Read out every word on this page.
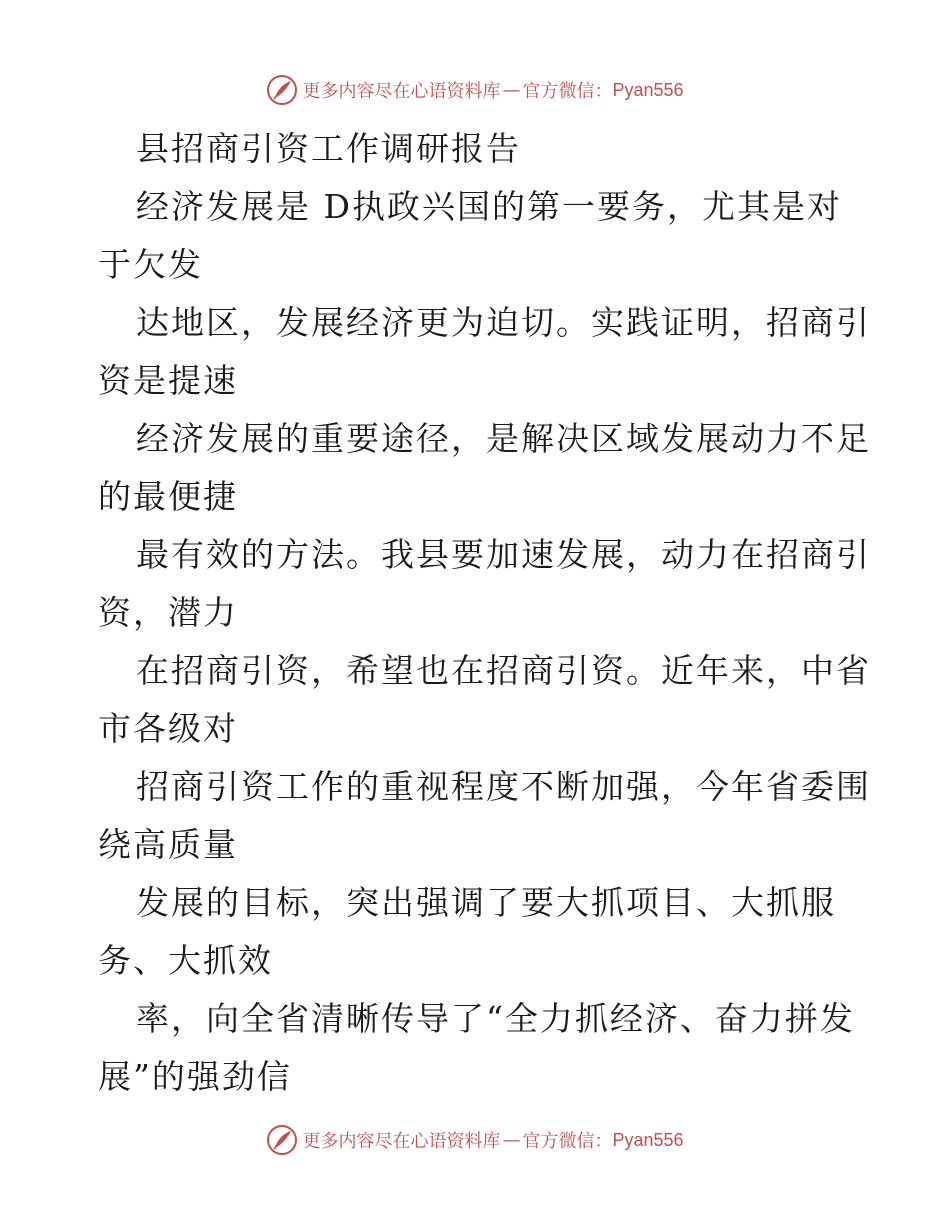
更多内容尽在心语资料库 — 官方微信： Pyan556
县招商引资工作调研报告
经济发展是 D执政兴国的第一要务，尤其是对
于欠发
达地区，发展经济更为迫切。实践证明，招商引
资是提速
经济发展的重要途径，是解决区域发展动力不足
的最便捷
最有效的方法。我县要加速发展，动力在招商引
资，潜力
在招商引资，希望也在招商引资。近年来，中省
市各级对
招商引资工作的重视程度不断加强，今年省委围
绕高质量
发展的目标，突出强调了要大抓项目、大抓服
务、大抓效
率，向全省清晰传导了“全力抓经济、奋力拼发
展”的强劲信
更多内容尽在心语资料库 — 官方微信： Pyan556
